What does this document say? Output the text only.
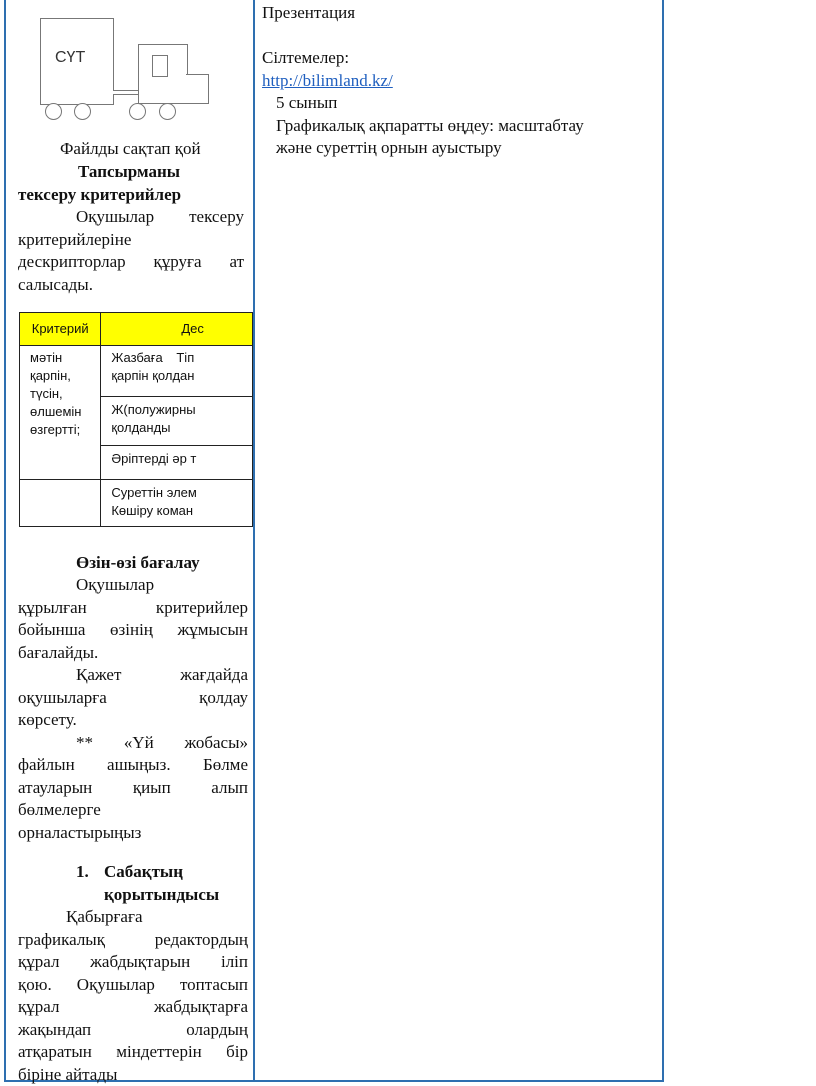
СҮТ
Файлды сақтап қой
Тапсырманы
тексеру критерийлер
Оқушылар тексеру
критерийлеріне
дескрипторлар құруға ат
салысады.
Критерий	Дес
мәтін қарпін, түсін, өлшемін өзгертті;	Жазбаға Тіп
қарпін қолдан

	Ж(полужирны
қолданды

	Әріптерді әр т

	Суреттін элем
Көшіру коман
Өзін-өзі бағалау
Оқушылар
құрылған критерийлер
бойынша өзінің жұмысын
бағалайды.
Қажет жағдайда
оқушыларға қолдау
көрсету.
** «Үй жобасы»
файлын ашыңыз. Бөлме
атауларын қиып алып
бөлмелерге
орналастырыңыз
1. Сабақтың
қорытындысы
Қабырғаға
графикалық редактордың
құрал жабдықтарын іліп
қою. Оқушылар топтасып
құрал жабдықтарға
жақындап олардың
атқаратын міндеттерін бір
біріне айтады
Презентация
Сілтемелер:
http://bilimland.kz/
5 сынып
Графикалық ақпаратты өңдеу: масштабтау
және суреттің орнын ауыстыру
